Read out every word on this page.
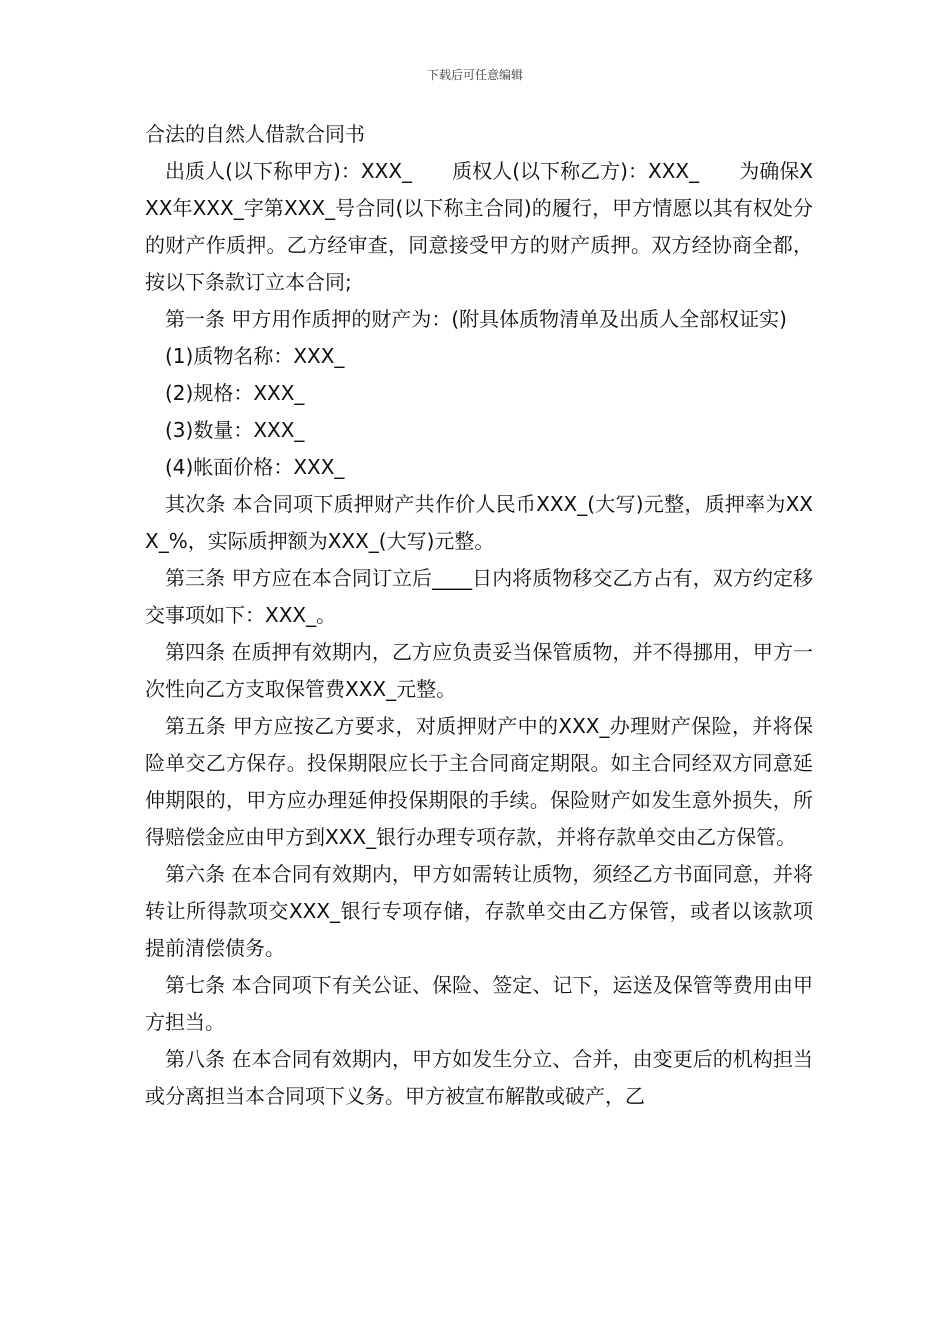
下载后可任意编辑
合法的自然人借款合同书

出质人(以下称甲方)：XXX_　　质权人(以下称乙方)：XXX_　　为确保XXX年XXX_字第XXX_号合同(以下称主合同)的履行，甲方情愿以其有权处分的财产作质押。乙方经审查，同意接受甲方的财产质押。双方经协商全都，按以下条款订立本合同;

第一条 甲方用作质押的财产为：(附具体质物清单及出质人全部权证实)

(1)质物名称：XXX_

(2)规格：XXX_

(3)数量：XXX_

(4)帐面价格：XXX_

其次条 本合同项下质押财产共作价人民币XXX_(大写)元整，质押率为XXX_%，实际质押额为XXX_(大写)元整。

第三条 甲方应在本合同订立后____日内将质物移交乙方占有，双方约定移交事项如下：XXX_。

第四条 在质押有效期内，乙方应负责妥当保管质物，并不得挪用，甲方一次性向乙方支取保管费XXX_元整。

第五条 甲方应按乙方要求，对质押财产中的XXX_办理财产保险，并将保险单交乙方保存。投保期限应长于主合同商定期限。如主合同经双方同意延伸期限的，甲方应办理延伸投保期限的手续。保险财产如发生意外损失，所得赔偿金应由甲方到XXX_银行办理专项存款，并将存款单交由乙方保管。

第六条 在本合同有效期内，甲方如需转让质物，须经乙方书面同意，并将转让所得款项交XXX_银行专项存储，存款单交由乙方保管，或者以该款项提前清偿债务。

第七条 本合同项下有关公证、保险、签定、记下，运送及保管等费用由甲方担当。

第八条 在本合同有效期内，甲方如发生分立、合并，由变更后的机构担当或分离担当本合同项下义务。甲方被宣布解散或破产，乙
